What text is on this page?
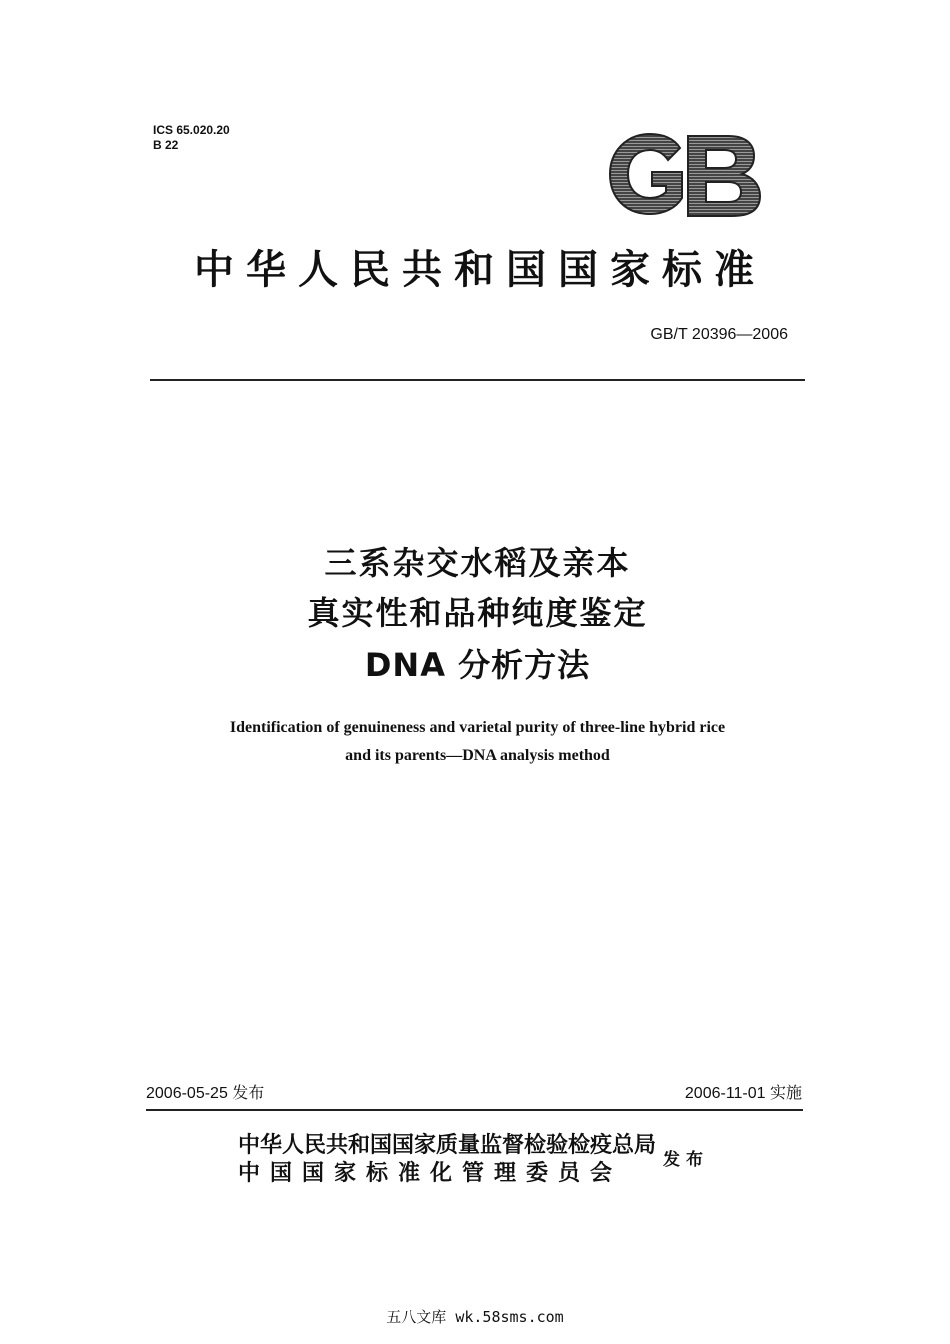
ICS 65.020.20
B 22
中华人民共和国国家标准
GB/T 20396—2006
三系杂交水稻及亲本
真实性和品种纯度鉴定
DNA 分析方法
Identification of genuineness and varietal purity of three-line hybrid rice
and its parents—DNA analysis method
2006-05-25 发布	2006-11-01 实施
中华人民共和国国家质量监督检验检疫总局
中国国家标准化管理委员会
发布
五八文库 wk.58sms.com
